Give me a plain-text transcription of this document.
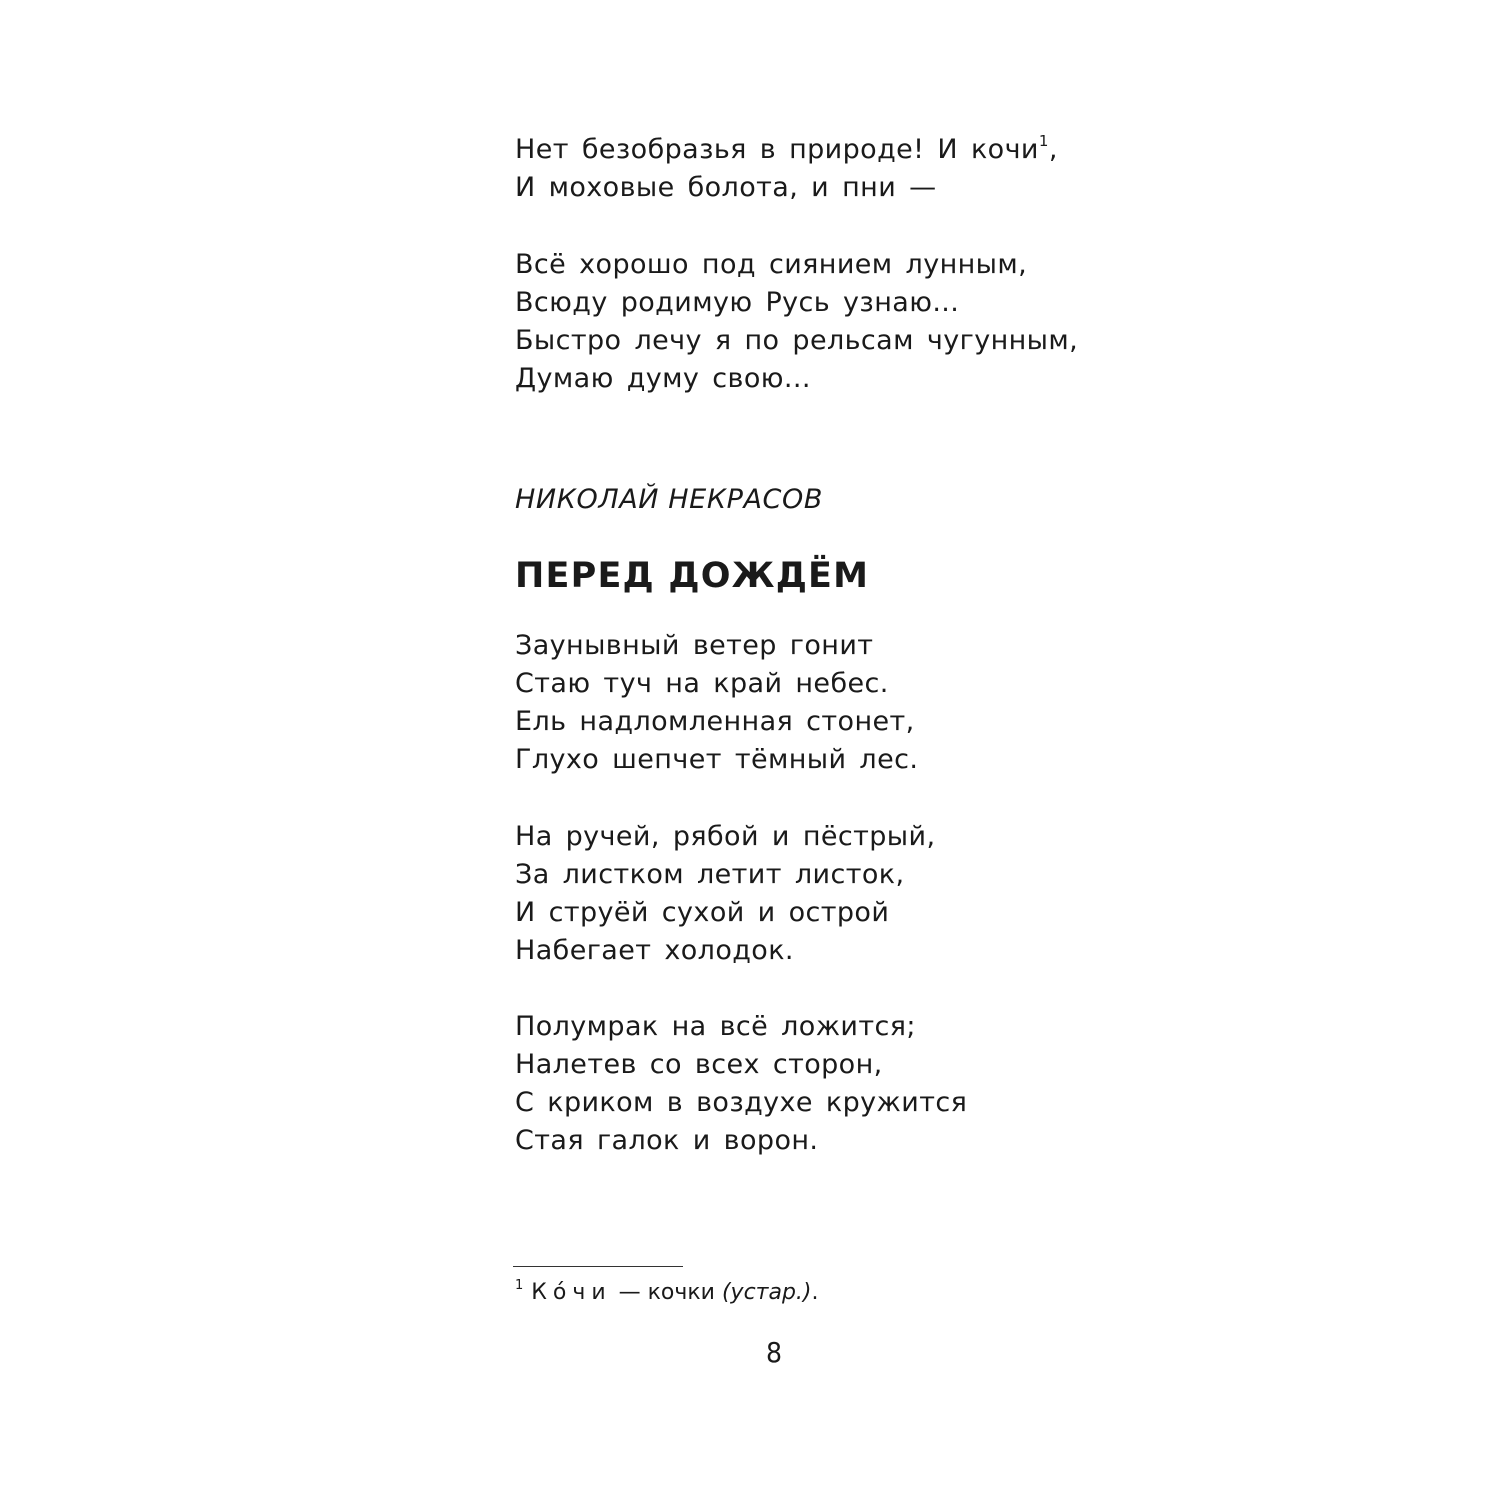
Нет безобразья в природе! И кочи$^1$,
И моховые болота, и пни —
Всё хорошо под сиянием лунным,
Всюду родимую Русь узнаю...
Быстро лечу я по рельсам чугунным,
Думаю думу свою...
НИКОЛАЙ НЕКРАСОВ
ПЕРЕД ДОЖДЁМ
Заунывный ветер гонит
Стаю туч на край небес.
Ель надломленная стонет,
Глухо шепчет тёмный лес.
На ручей, рябой и пёстрый,
За листком летит листок,
И струёй сухой и острой
Набегает холодок.
Полумрак на всё ложится;
Налетев со всех сторон,
С криком в воздухе кружится
Стая галок и ворон.
$^1$ Ко́чи — кочки (устар.).
8
